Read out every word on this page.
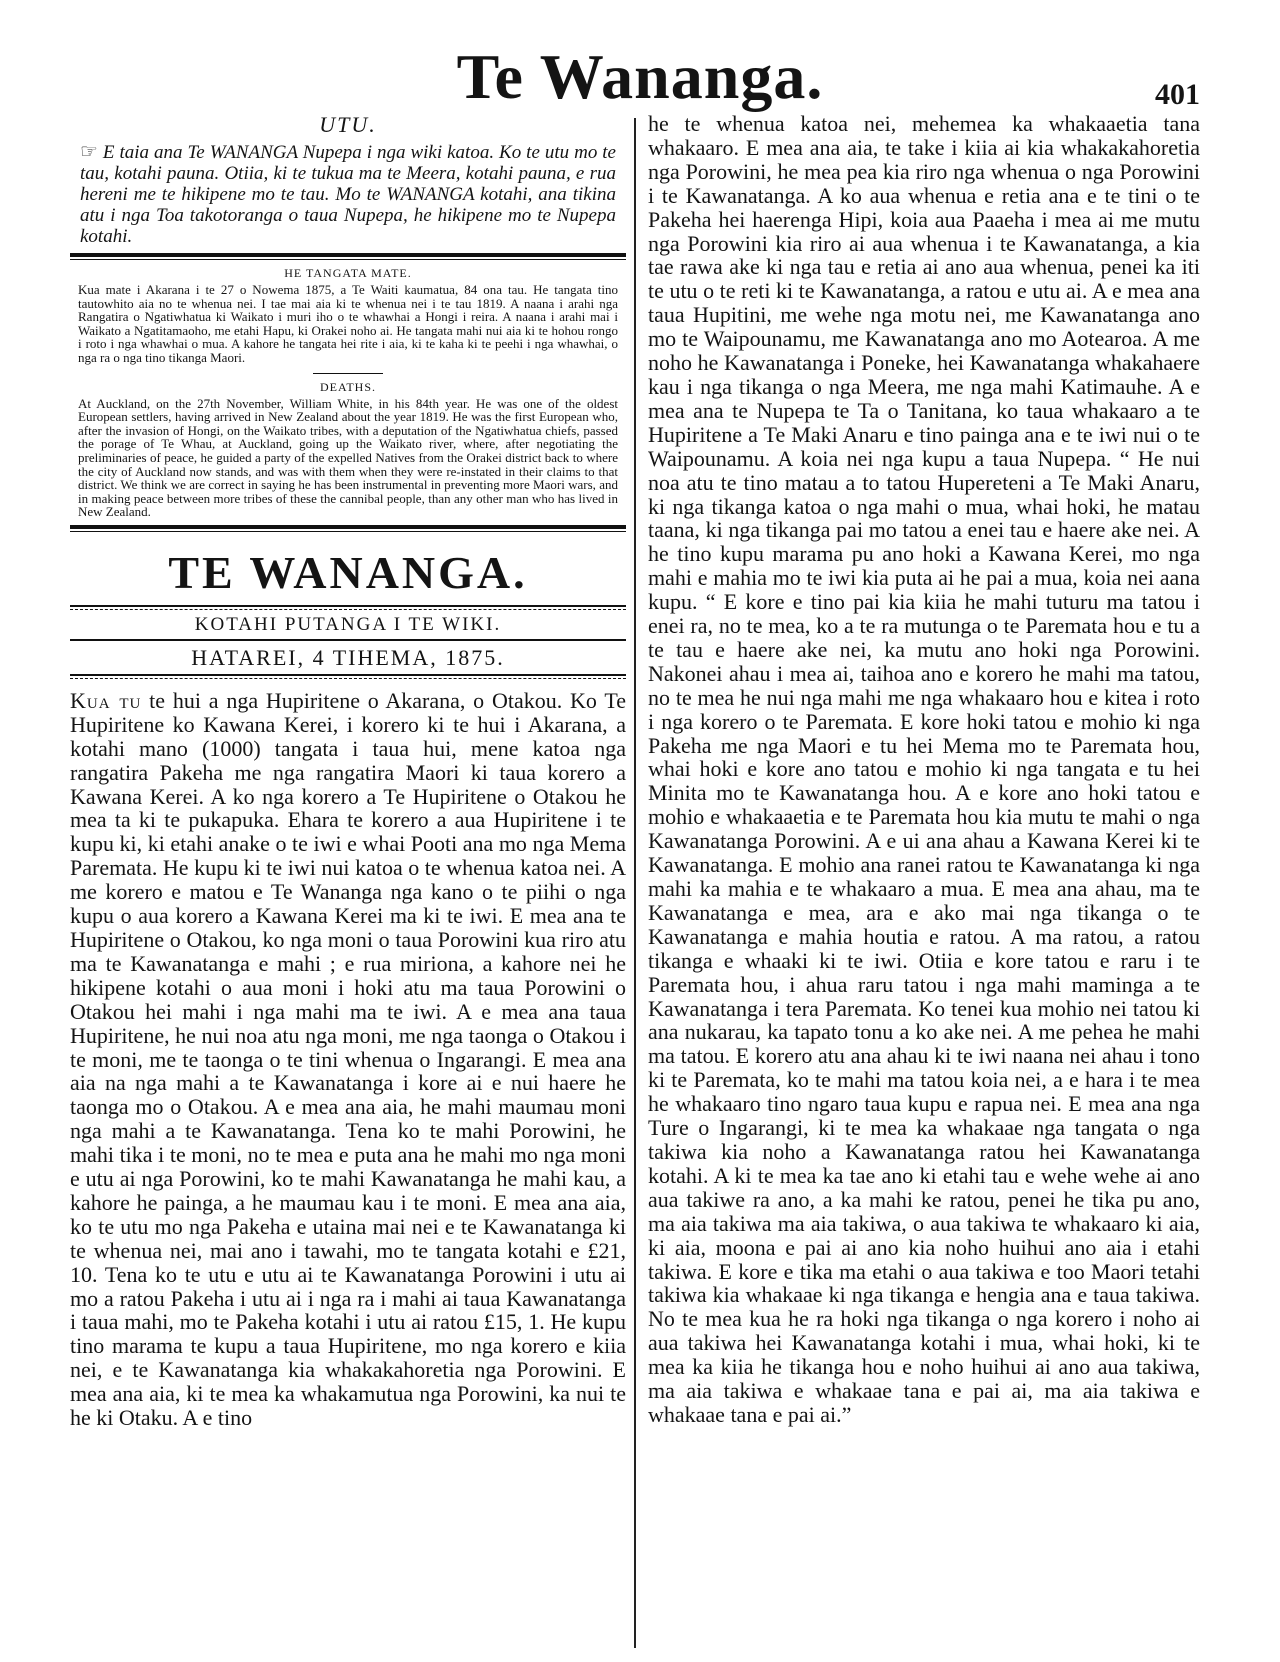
Te Wananga.	401
UTU.
☞ E taia ana Te WANANGA Nupepa i nga wiki katoa. Ko te utu mo te tau, kotahi pauna. Otiia, ki te tukua ma te Meera, kotahi pauna, e rua hereni me te hikipene mo te tau. Mo te WANANGA kotahi, ana tikina atu i nga Toa takotoranga o taua Nupepa, he hikipene mo te Nupepa kotahi.
HE TANGATA MATE.
Kua mate i Akarana i te 27 o Nowema 1875, a Te Waiti kaumatua, 84 ona tau. He tangata tino tautowhito aia no te whenua nei. I tae mai aia ki te whenua nei i te tau 1819. A naana i arahi nga Rangatira o Ngatiwhatua ki Waikato i muri iho o te whawhai a Hongi i reira. A naana i arahi mai i Waikato a Ngatitamaoho, me etahi Hapu, ki Orakei noho ai. He tangata mahi nui aia ki te hohou rongo i roto i nga whawhai o mua. A kahore he tangata hei rite i aia, ki te kaha ki te peehi i nga whawhai, o nga ra o nga tino tikanga Maori.
DEATHS.
At Auckland, on the 27th November, William White, in his 84th year. He was one of the oldest European settlers, having arrived in New Zealand about the year 1819. He was the first European who, after the invasion of Hongi, on the Waikato tribes, with a deputation of the Ngatiwhatua chiefs, passed the porage of Te Whau, at Auckland, going up the Waikato river, where, after negotiating the preliminaries of peace, he guided a party of the expelled Natives from the Orakei district back to where the city of Auckland now stands, and was with them when they were re-instated in their claims to that district. We think we are correct in saying he has been instrumental in preventing more Maori wars, and in making peace between more tribes of these the cannibal people, than any other man who has lived in New Zealand.
TE WANANGA.
KOTAHI PUTANGA I TE WIKI.
HATAREI, 4 TIHEMA, 1875.
Kua tu te hui a nga Hupiritene o Akarana, o Otakou. Ko Te Hupiritene ko Kawana Kerei, i korero ki te hui i Akarana, a kotahi mano (1000) tangata i taua hui, mene katoa nga rangatira Pakeha me nga rangatira Maori ki taua korero a Kawana Kerei. A ko nga korero a Te Hupiritene o Otakou he mea ta ki te pukapuka. Ehara te korero a aua Hupiritene i te kupu ki, ki etahi anake o te iwi e whai Pooti ana mo nga Mema Paremata. He kupu ki te iwi nui katoa o te whenua katoa nei. A me korero e matou e Te Wananga nga kano o te piihi o nga kupu o aua korero a Kawana Kerei ma ki te iwi. E mea ana te Hupiritene o Otakou, ko nga moni o taua Porowini kua riro atu ma te Kawanatanga e mahi ; e rua miriona, a kahore nei he hikipene kotahi o aua moni i hoki atu ma taua Porowini o Otakou hei mahi i nga mahi ma te iwi. A e mea ana taua Hupiritene, he nui noa atu nga moni, me nga taonga o Otakou i te moni, me te taonga o te tini whenua o Ingarangi. E mea ana aia na nga mahi a te Kawanatanga i kore ai e nui haere he taonga mo o Otakou. A e mea ana aia, he mahi maumau moni nga mahi a te Kawanatanga. Tena ko te mahi Porowini, he mahi tika i te moni, no te mea e puta ana he mahi mo nga moni e utu ai nga Porowini, ko te mahi Kawanatanga he mahi kau, a kahore he painga, a he maumau kau i te moni. E mea ana aia, ko te utu mo nga Pakeha e utaina mai nei e te Kawanatanga ki te whenua nei, mai ano i tawahi, mo te tangata kotahi e £21, 10. Tena ko te utu e utu ai te Kawanatanga Porowini i utu ai mo a ratou Pakeha i utu ai i nga ra i mahi ai taua Kawanatanga i taua mahi, mo te Pakeha kotahi i utu ai ratou £15, 1. He kupu tino marama te kupu a taua Hupiritene, mo nga korero e kiia nei, e te Kawanatanga kia whakakahoretia nga Porowini. E mea ana aia, ki te mea ka whakamutua nga Porowini, ka nui te he ki Otaku. A e tino
he te whenua katoa nei, mehemea ka whakaaetia tana whakaaro. E mea ana aia, te take i kiia ai kia whakakahoretia nga Porowini, he mea pea kia riro nga whenua o nga Porowini i te Kawanatanga. A ko aua whenua e retia ana e te tini o te Pakeha hei haerenga Hipi, koia aua Paaeha i mea ai me mutu nga Porowini kia riro ai aua whenua i te Kawanatanga, a kia tae rawa ake ki nga tau e retia ai ano aua whenua, penei ka iti te utu o te reti ki te Kawanatanga, a ratou e utu ai. A e mea ana taua Hupitini, me wehe nga motu nei, me Kawanatanga ano mo te Waipounamu, me Kawanatanga ano mo Aotearoa. A me noho he Kawanatanga i Poneke, hei Kawanatanga whakahaere kau i nga tikanga o nga Meera, me nga mahi Katimauhe. A e mea ana te Nupepa te Ta o Tanitana, ko taua whakaaro a te Hupiritene a Te Maki Anaru e tino painga ana e te iwi nui o te Waipounamu. A koia nei nga kupu a taua Nupepa. “ He nui noa atu te tino matau a to tatou Hupereteni a Te Maki Anaru, ki nga tikanga katoa o nga mahi o mua, whai hoki, he matau taana, ki nga tikanga pai mo tatou a enei tau e haere ake nei. A he tino kupu marama pu ano hoki a Kawana Kerei, mo nga mahi e mahia mo te iwi kia puta ai he pai a mua, koia nei aana kupu. “ E kore e tino pai kia kiia he mahi tuturu ma tatou i enei ra, no te mea, ko a te ra mutunga o te Paremata hou e tu a te tau e haere ake nei, ka mutu ano hoki nga Porowini. Nakonei ahau i mea ai, taihoa ano e korero he mahi ma tatou, no te mea he nui nga mahi me nga whakaaro hou e kitea i roto i nga korero o te Paremata. E kore hoki tatou e mohio ki nga Pakeha me nga Maori e tu hei Mema mo te Paremata hou, whai hoki e kore ano tatou e mohio ki nga tangata e tu hei Minita mo te Kawanatanga hou. A e kore ano hoki tatou e mohio e whakaaetia e te Paremata hou kia mutu te mahi o nga Kawanatanga Porowini. A e ui ana ahau a Kawana Kerei ki te Kawanatanga. E mohio ana ranei ratou te Kawanatanga ki nga mahi ka mahia e te whakaaro a mua. E mea ana ahau, ma te Kawanatanga e mea, ara e ako mai nga tikanga o te Kawanatanga e mahia houtia e ratou. A ma ratou, a ratou tikanga e whaaki ki te iwi. Otiia e kore tatou e raru i te Paremata hou, i ahua raru tatou i nga mahi maminga a te Kawanatanga i tera Paremata. Ko tenei kua mohio nei tatou ki ana nukarau, ka tapato tonu a ko ake nei. A me pehea he mahi ma tatou. E korero atu ana ahau ki te iwi naana nei ahau i tono ki te Paremata, ko te mahi ma tatou koia nei, a e hara i te mea he whakaaro tino ngaro taua kupu e rapua nei. E mea ana nga Ture o Ingarangi, ki te mea ka whakaae nga tangata o nga takiwa kia noho a Kawanatanga ratou hei Kawanatanga kotahi. A ki te mea ka tae ano ki etahi tau e wehe wehe ai ano aua takiwe ra ano, a ka mahi ke ratou, penei he tika pu ano, ma aia takiwa ma aia takiwa, o aua takiwa te whakaaro ki aia, ki aia, moona e pai ai ano kia noho huihui ano aia i etahi takiwa. E kore e tika ma etahi o aua takiwa e too Maori tetahi takiwa kia whakaae ki nga tikanga e hengia ana e taua takiwa. No te mea kua he ra hoki nga tikanga o nga korero i noho ai aua takiwa hei Kawanatanga kotahi i mua, whai hoki, ki te mea ka kiia he tikanga hou e noho huihui ai ano aua takiwa, ma aia takiwa e whakaae tana e pai ai, ma aia takiwa e whakaae tana e pai ai.”
